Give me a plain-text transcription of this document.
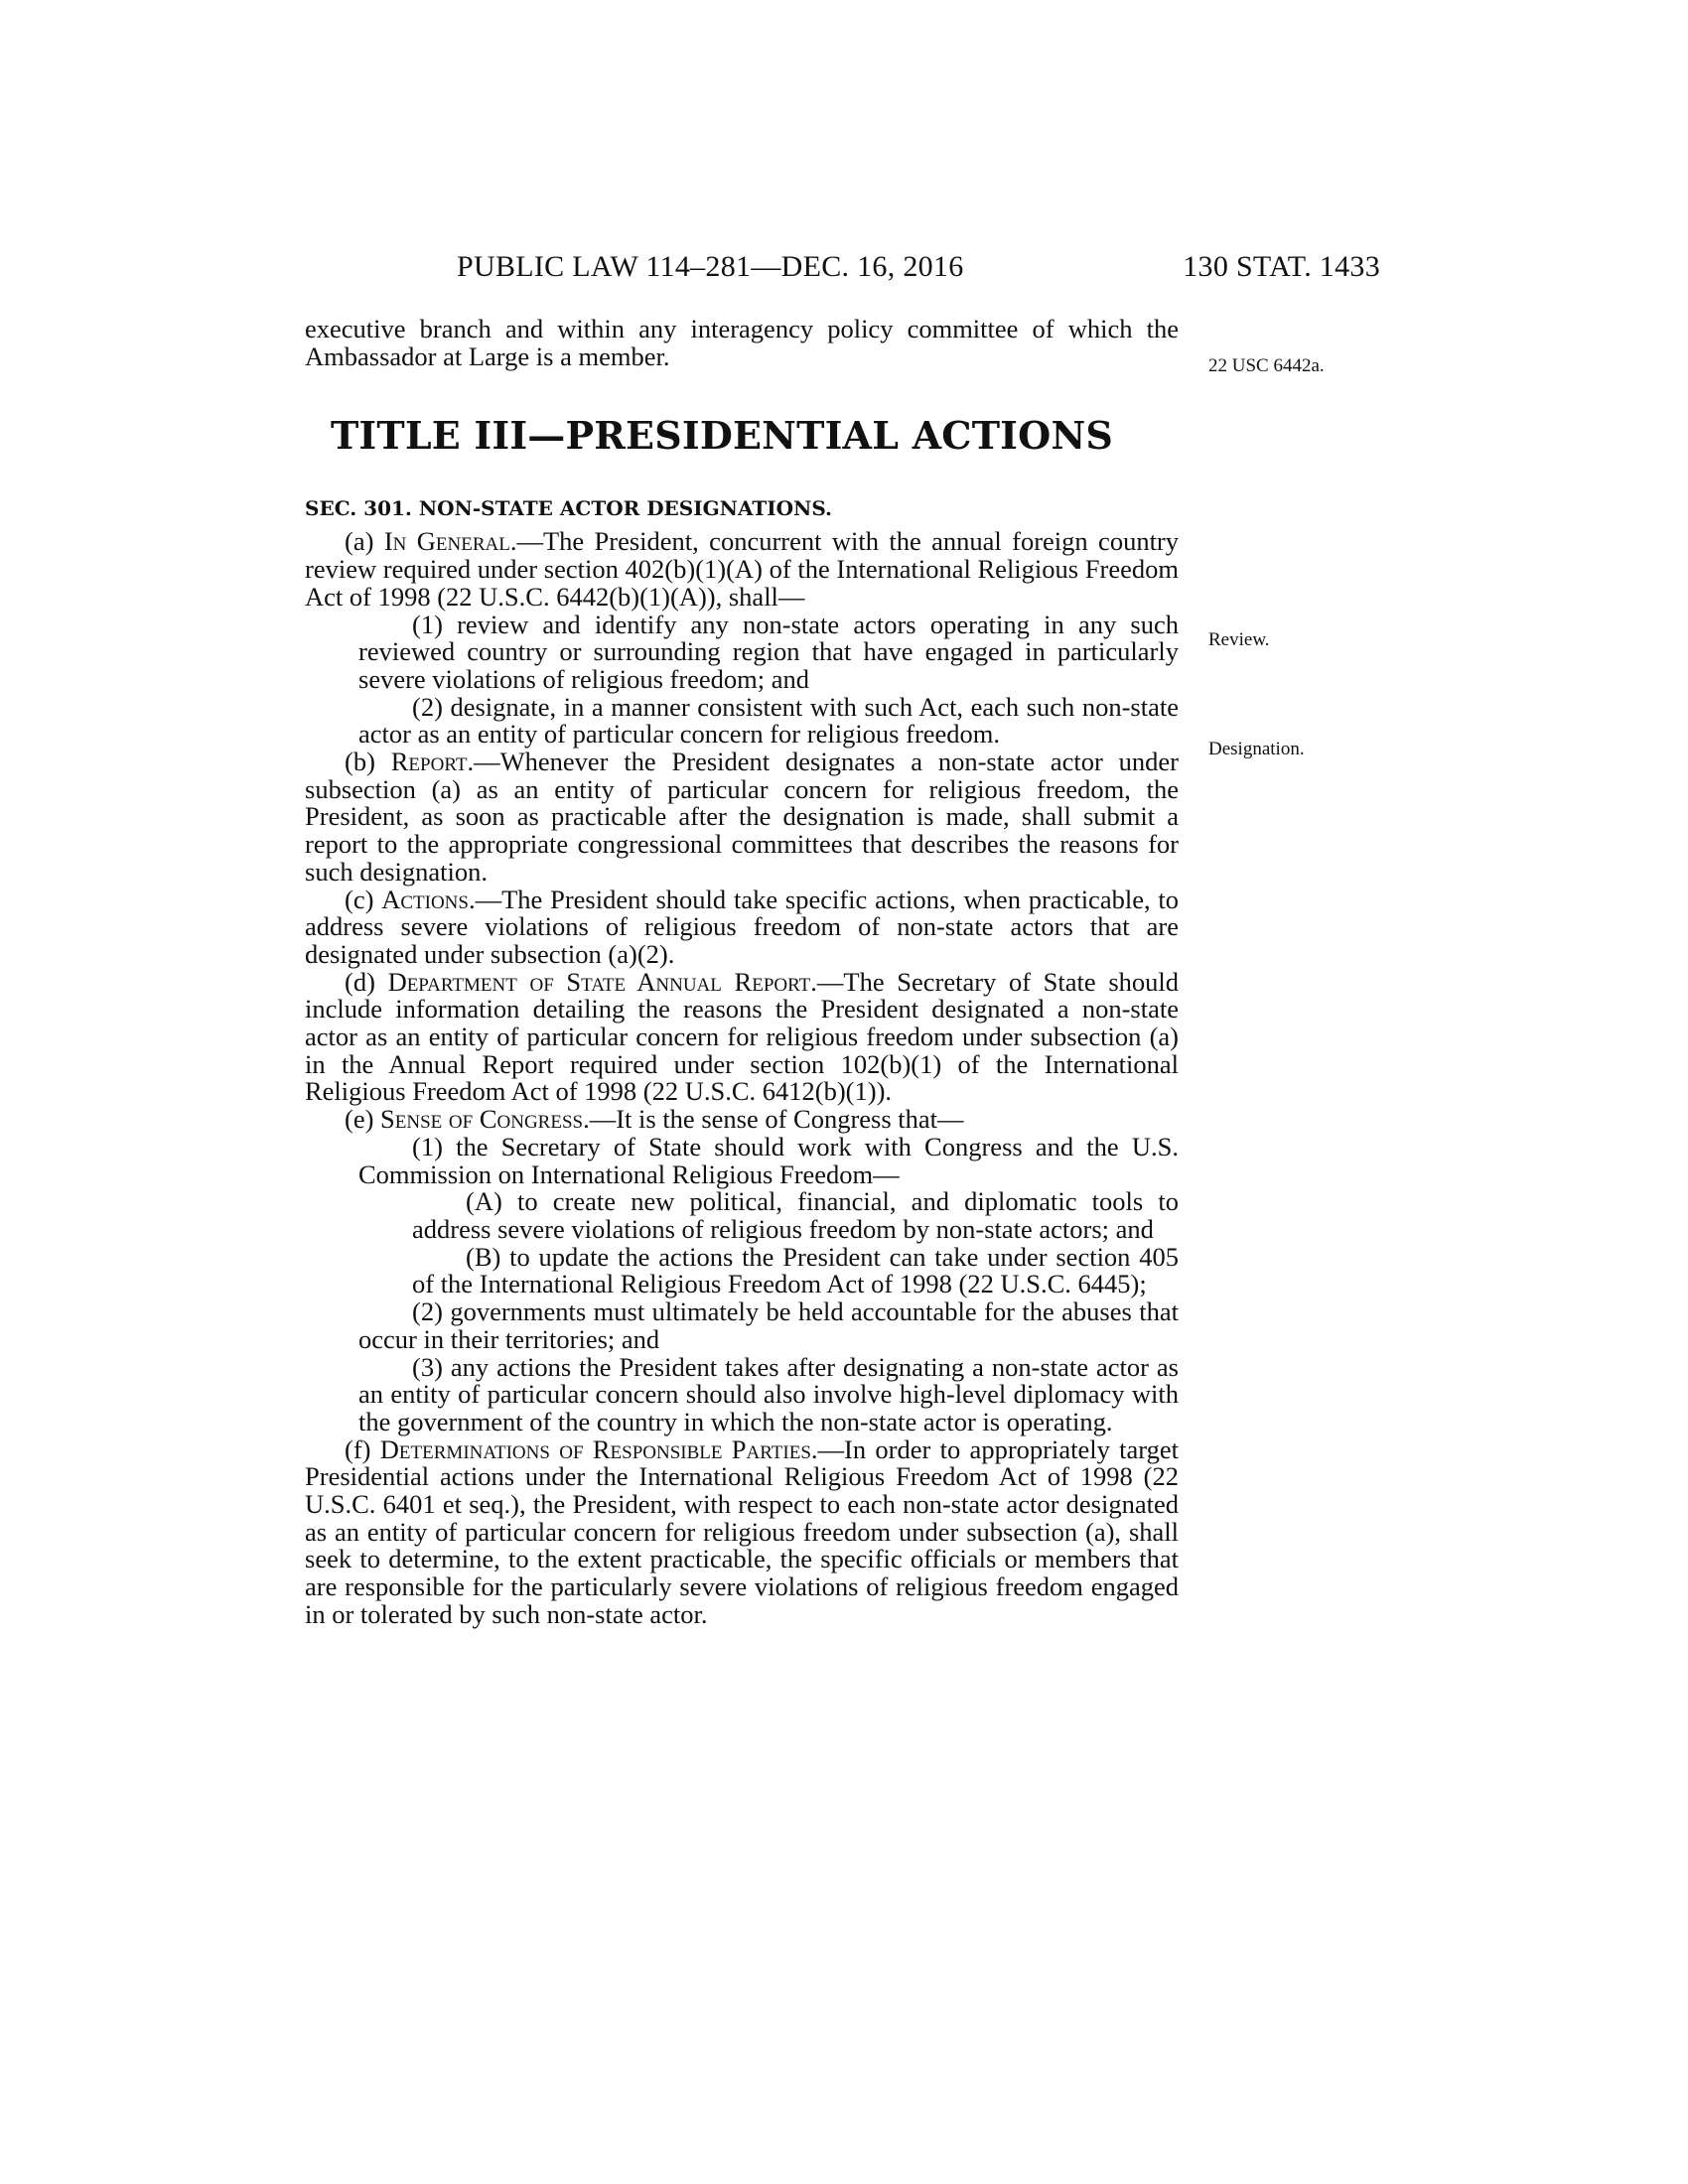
PUBLIC LAW 114–281—DEC. 16, 2016	130 STAT. 1433
22 USC 6442a.
Review.
Designation.

executive branch and within any interagency policy committee of which the Ambassador at Large is a member.

TITLE III—PRESIDENTIAL ACTIONS

SEC. 301. NON-STATE ACTOR DESIGNATIONS.

(a) In General.—The President, concurrent with the annual foreign country review required under section 402(b)(1)(A) of the International Religious Freedom Act of 1998 (22 U.S.C. 6442(b)(1)(A)), shall—

(1) review and identify any non-state actors operating in any such reviewed country or surrounding region that have engaged in particularly severe violations of religious freedom; and

(2) designate, in a manner consistent with such Act, each such non-state actor as an entity of particular concern for religious freedom.

(b) Report.—Whenever the President designates a non-state actor under subsection (a) as an entity of particular concern for religious freedom, the President, as soon as practicable after the designation is made, shall submit a report to the appropriate congressional committees that describes the reasons for such designation.

(c) Actions.—The President should take specific actions, when practicable, to address severe violations of religious freedom of non-state actors that are designated under subsection (a)(2).

(d) Department of State Annual Report.—The Secretary of State should include information detailing the reasons the President designated a non-state actor as an entity of particular concern for religious freedom under subsection (a) in the Annual Report required under section 102(b)(1) of the International Religious Freedom Act of 1998 (22 U.S.C. 6412(b)(1)).

(e) Sense of Congress.—It is the sense of Congress that—

(1) the Secretary of State should work with Congress and the U.S. Commission on International Religious Freedom—

(A) to create new political, financial, and diplomatic tools to address severe violations of religious freedom by non-state actors; and

(B) to update the actions the President can take under section 405 of the International Religious Freedom Act of 1998 (22 U.S.C. 6445);

(2) governments must ultimately be held accountable for the abuses that occur in their territories; and

(3) any actions the President takes after designating a non-state actor as an entity of particular concern should also involve high-level diplomacy with the government of the country in which the non-state actor is operating.

(f) Determinations of Responsible Parties.—In order to appropriately target Presidential actions under the International Religious Freedom Act of 1998 (22 U.S.C. 6401 et seq.), the President, with respect to each non-state actor designated as an entity of particular concern for religious freedom under subsection (a), shall seek to determine, to the extent practicable, the specific officials or members that are responsible for the particularly severe violations of religious freedom engaged in or tolerated by such non-state actor.
